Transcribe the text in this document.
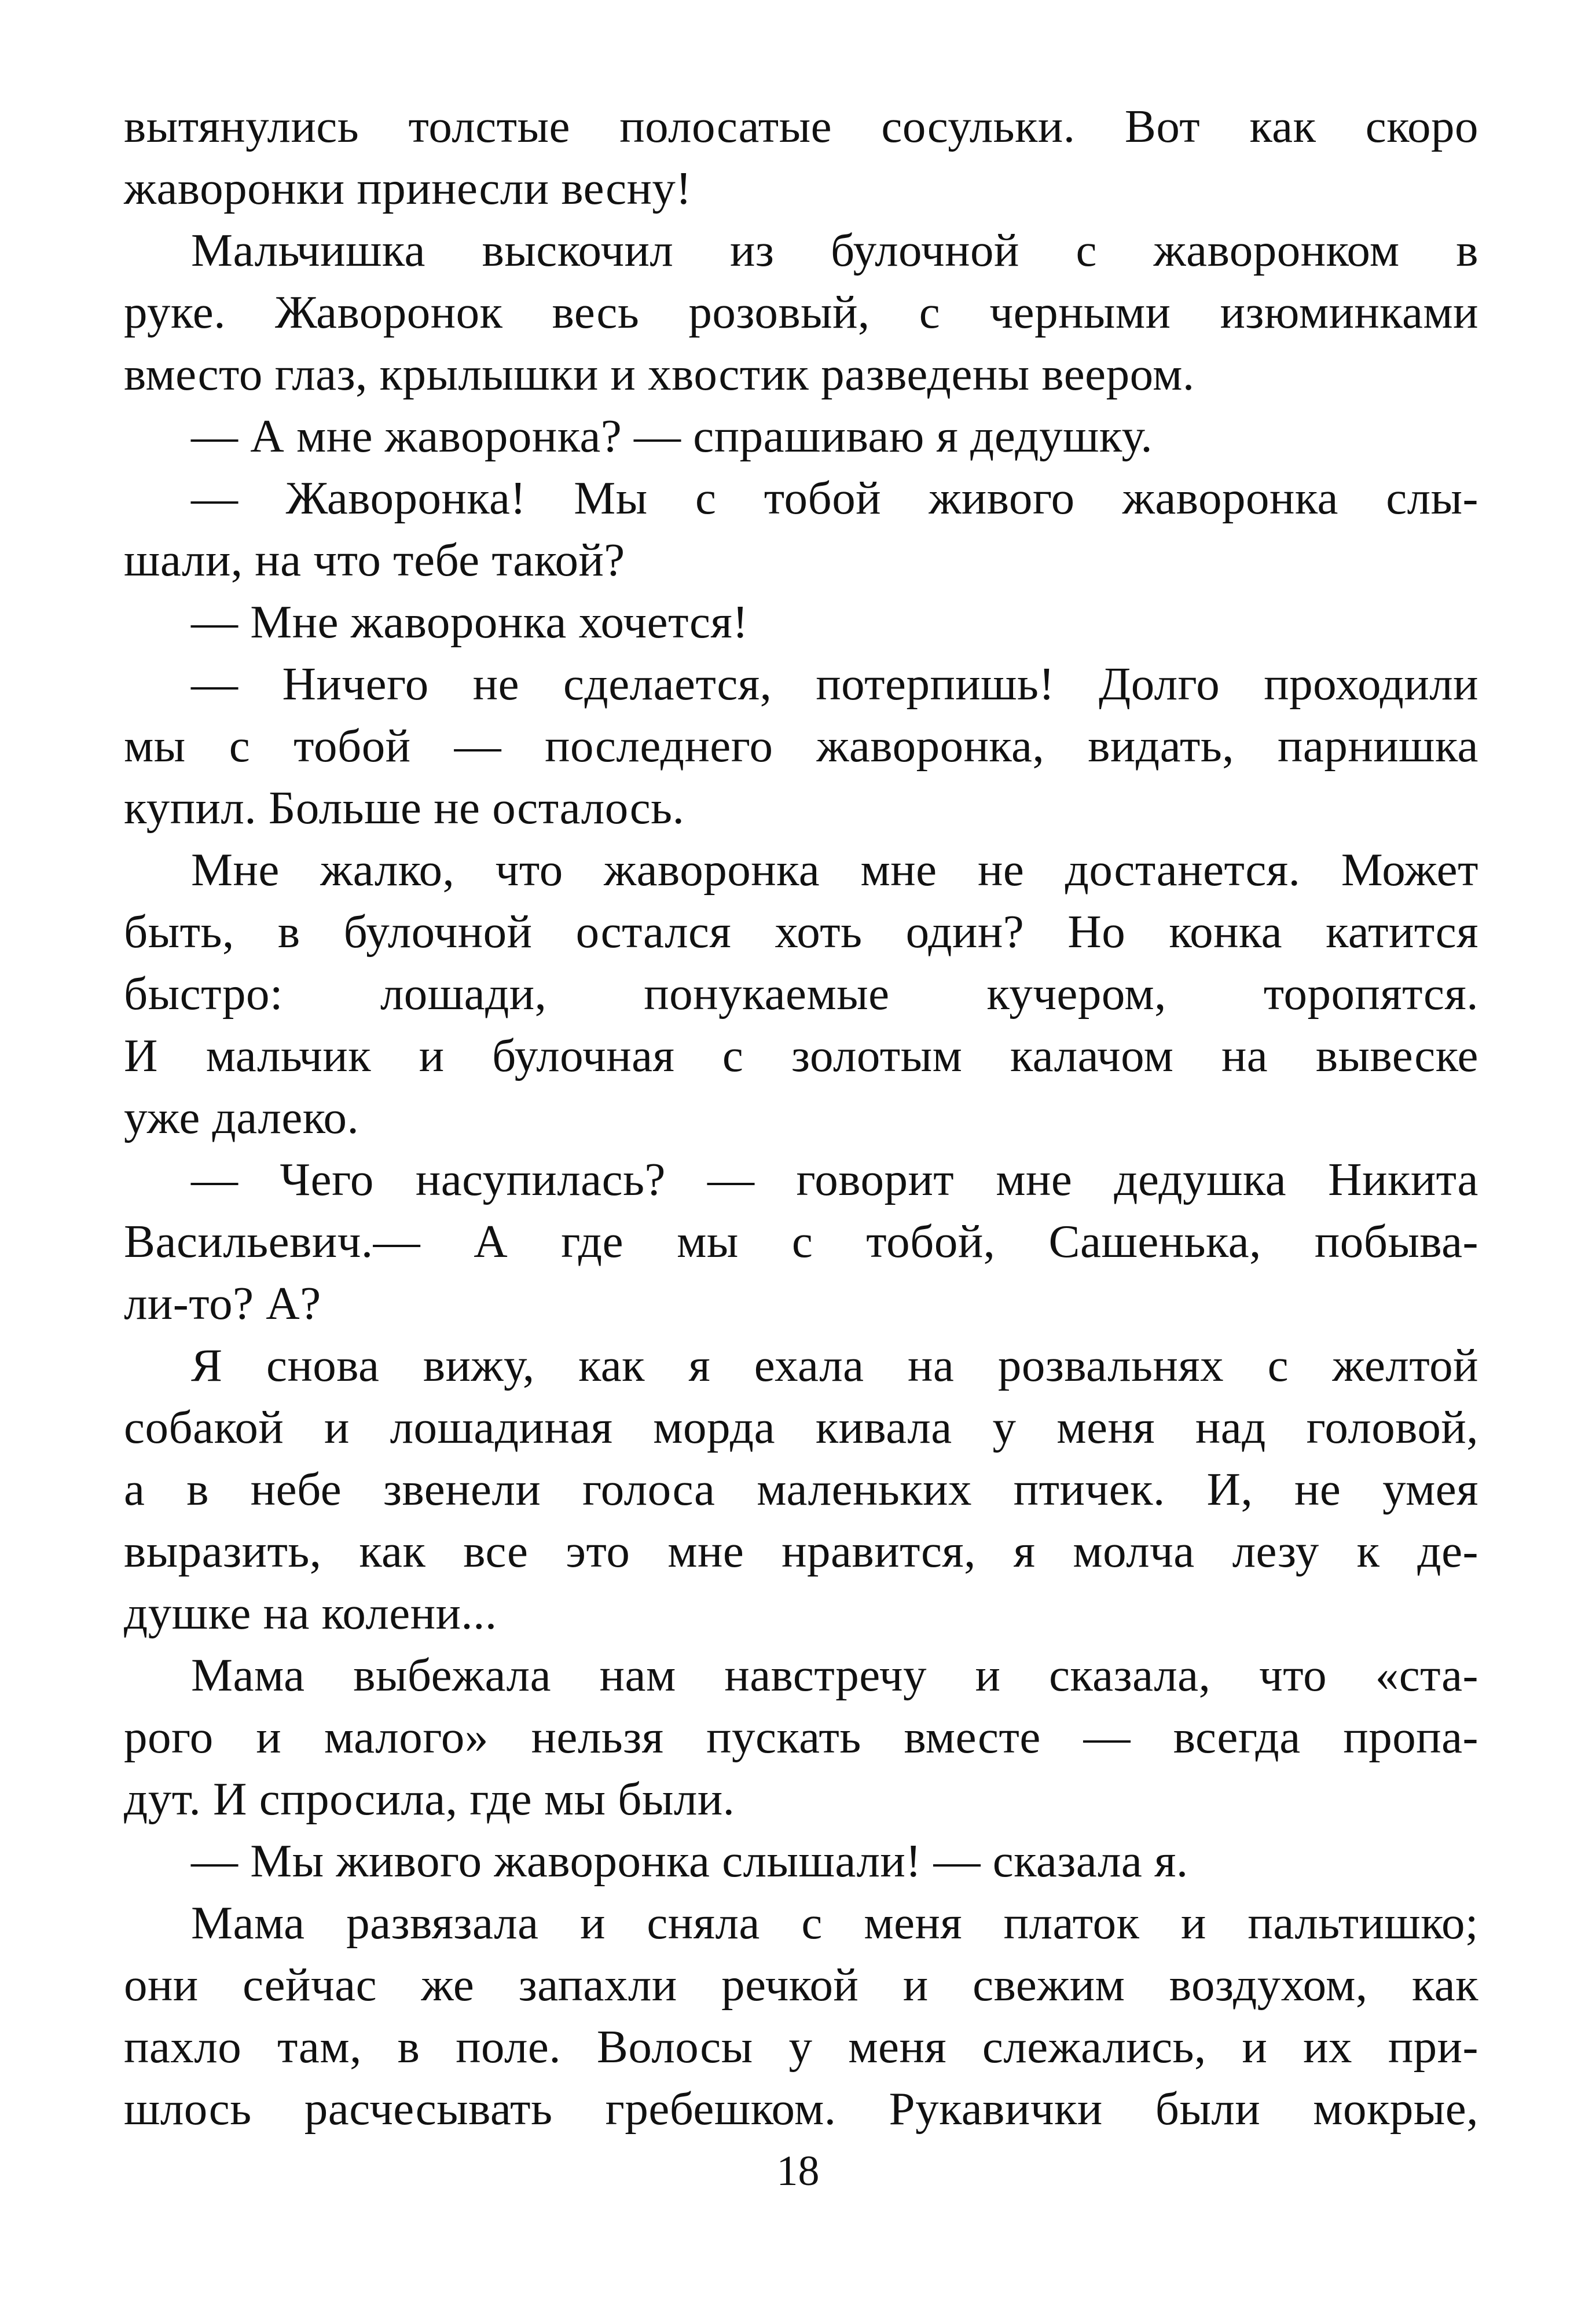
вытянулись толстые полосатые сосульки. Вот как скоро
жаворонки принесли весну!
Мальчишка выскочил из булочной с жаворонком в
руке. Жаворонок весь розовый, с черными изюминками
вместо глаз, крылышки и хвостик разведены веером.
— А мне жаворонка? — спрашиваю я дедушку.
— Жаворонка! Мы с тобой живого жаворонка слы-
шали, на что тебе такой?
— Мне жаворонка хочется!
— Ничего не сделается, потерпишь! Долго проходили
мы с тобой — последнего жаворонка, видать, парнишка
купил. Больше не осталось.
Мне жалко, что жаворонка мне не достанется. Может
быть, в булочной остался хоть один? Но конка катится
быстро: лошади, понукаемые кучером, торопятся.
И мальчик и булочная с золотым калачом на вывеске
уже далеко.
— Чего насупилась? — говорит мне дедушка Никита
Васильевич.— А где мы с тобой, Сашенька, побыва-
ли-то? А?
Я снова вижу, как я ехала на розвальнях с желтой
собакой и лошадиная морда кивала у меня над головой,
а в небе звенели голоса маленьких птичек. И, не умея
выразить, как все это мне нравится, я молча лезу к де-
душке на колени...
Мама выбежала нам навстречу и сказала, что «ста-
рого и малого» нельзя пускать вместе — всегда пропа-
дут. И спросила, где мы были.
— Мы живого жаворонка слышали! — сказала я.
Мама развязала и сняла с меня платок и пальтишко;
они сейчас же запахли речкой и свежим воздухом, как
пахло там, в поле. Волосы у меня слежались, и их при-
шлось расчесывать гребешком. Рукавички были мокрые,
18
